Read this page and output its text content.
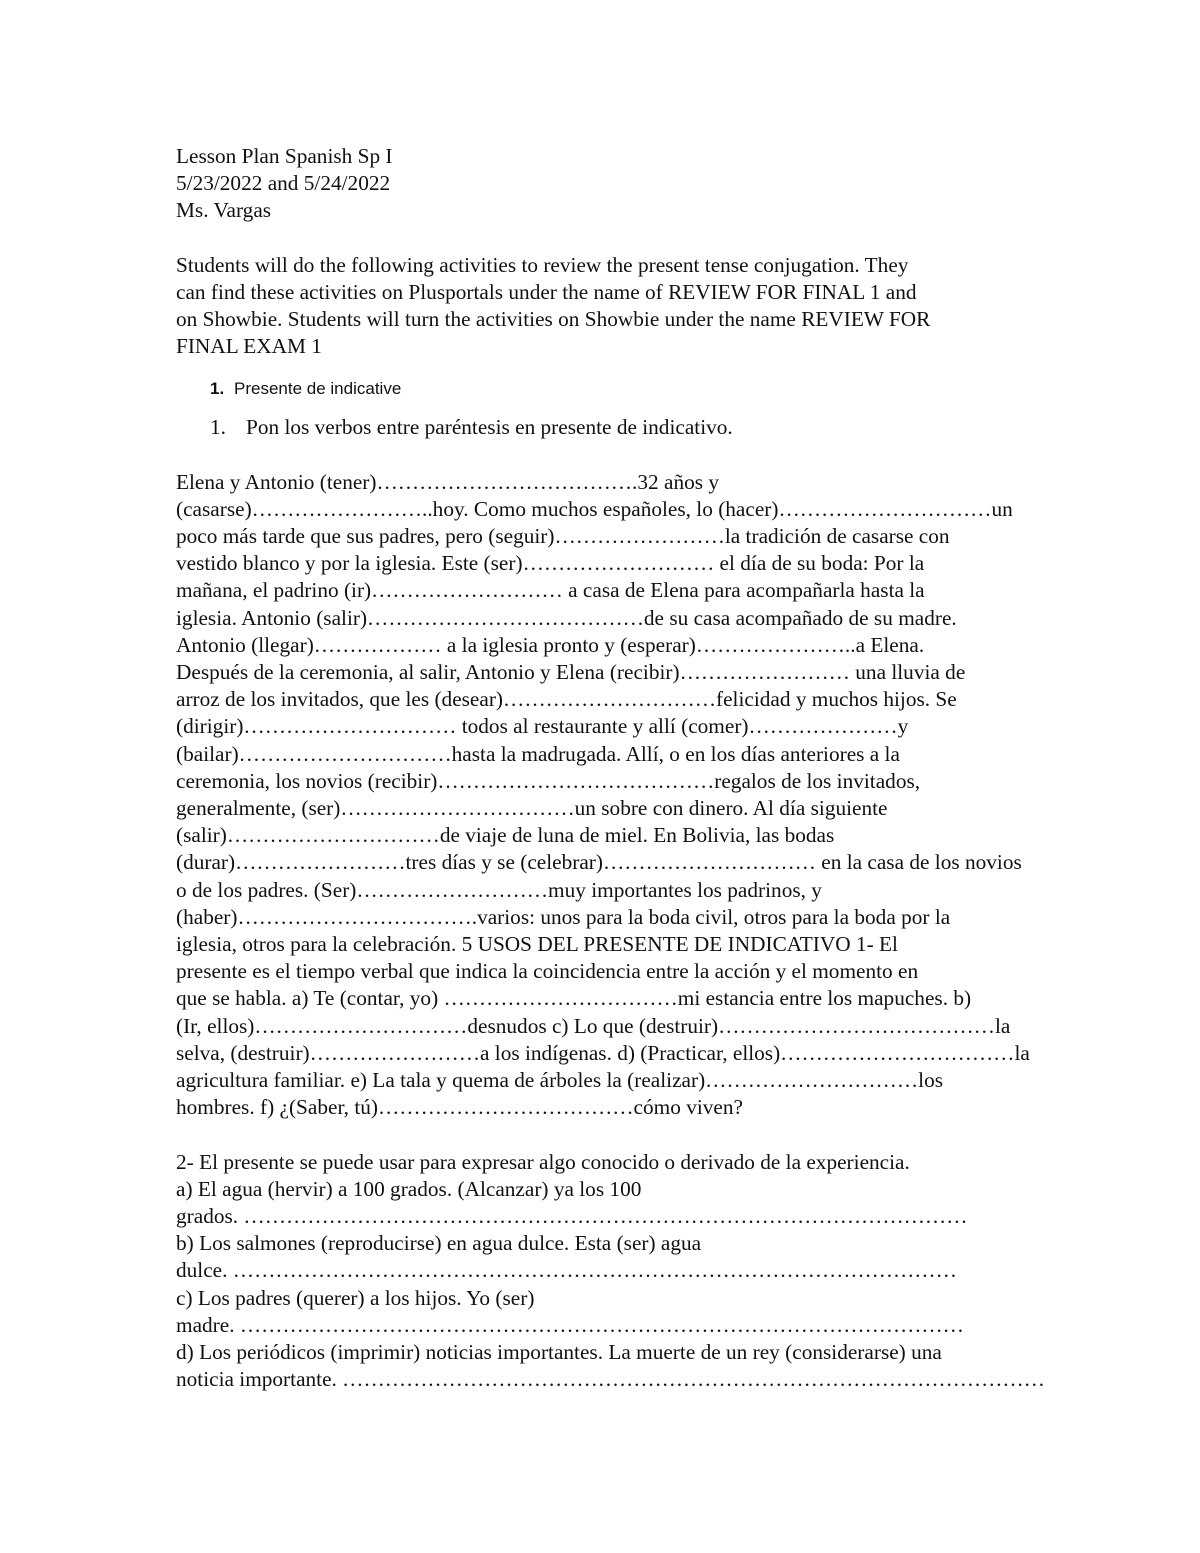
Lesson Plan Spanish Sp I
5/23/2022 and 5/24/2022
Ms. Vargas
Students will do the following activities to review the present tense conjugation. They
can find these activities on Plusportals under the name of REVIEW FOR FINAL 1 and
on Showbie. Students will turn the activities on Showbie under the name REVIEW FOR
FINAL EXAM 1
1. Presente de indicative
1. Pon los verbos entre paréntesis en presente de indicativo.
Elena y Antonio (tener)……………………………….32 años y
(casarse)……………………..hoy. Como muchos españoles, lo (hacer)…………………………un
poco más tarde que sus padres, pero (seguir)……………………la tradición de casarse con
vestido blanco y por la iglesia. Este (ser)……………………… el día de su boda: Por la
mañana, el padrino (ir)……………………… a casa de Elena para acompañarla hasta la
iglesia. Antonio (salir)…………………………………de su casa acompañado de su madre.
Antonio (llegar)……………… a la iglesia pronto y (esperar)…………………..a Elena.
Después de la ceremonia, al salir, Antonio y Elena (recibir)…………………… una lluvia de
arroz de los invitados, que les (desear)…………………………felicidad y muchos hijos. Se
(dirigir)………………………… todos al restaurante y allí (comer)…………………y
(bailar)…………………………hasta la madrugada. Allí, o en los días anteriores a la
ceremonia, los novios (recibir)…………………………………regalos de los invitados,
generalmente, (ser)……………………………un sobre con dinero. Al día siguiente
(salir)…………………………de viaje de luna de miel. En Bolivia, las bodas
(durar)……………………tres días y se (celebrar)………………………… en la casa de los novios
o de los padres. (Ser)………………………muy importantes los padrinos, y
(haber)…………………………….varios: unos para la boda civil, otros para la boda por la
iglesia, otros para la celebración. 5 USOS DEL PRESENTE DE INDICATIVO 1- El
presente es el tiempo verbal que indica la coincidencia entre la acción y el momento en
que se habla. a) Te (contar, yo) ……………………………mi estancia entre los mapuches. b)
(Ir, ellos)…………………………desnudos c) Lo que (destruir)…………………………………la
selva, (destruir)……………………a los indígenas. d) (Practicar, ellos)……………………………la
agricultura familiar. e) La tala y quema de árboles la (realizar)…………………………los
hombres. f) ¿(Saber, tú)………………………………cómo viven?
2- El presente se puede usar para expresar algo conocido o derivado de la experiencia.
a) El agua (hervir) a 100 grados. (Alcanzar) ya los 100
grados. …………………………………………………………………………………………
b) Los salmones (reproducirse) en agua dulce. Esta (ser) agua
dulce. …………………………………………………………………………………………
c) Los padres (querer) a los hijos. Yo (ser)
madre. …………………………………………………………………………………………
d) Los periódicos (imprimir) noticias importantes. La muerte de un rey (considerarse) una
noticia importante. ………………………………………………………………………………………
